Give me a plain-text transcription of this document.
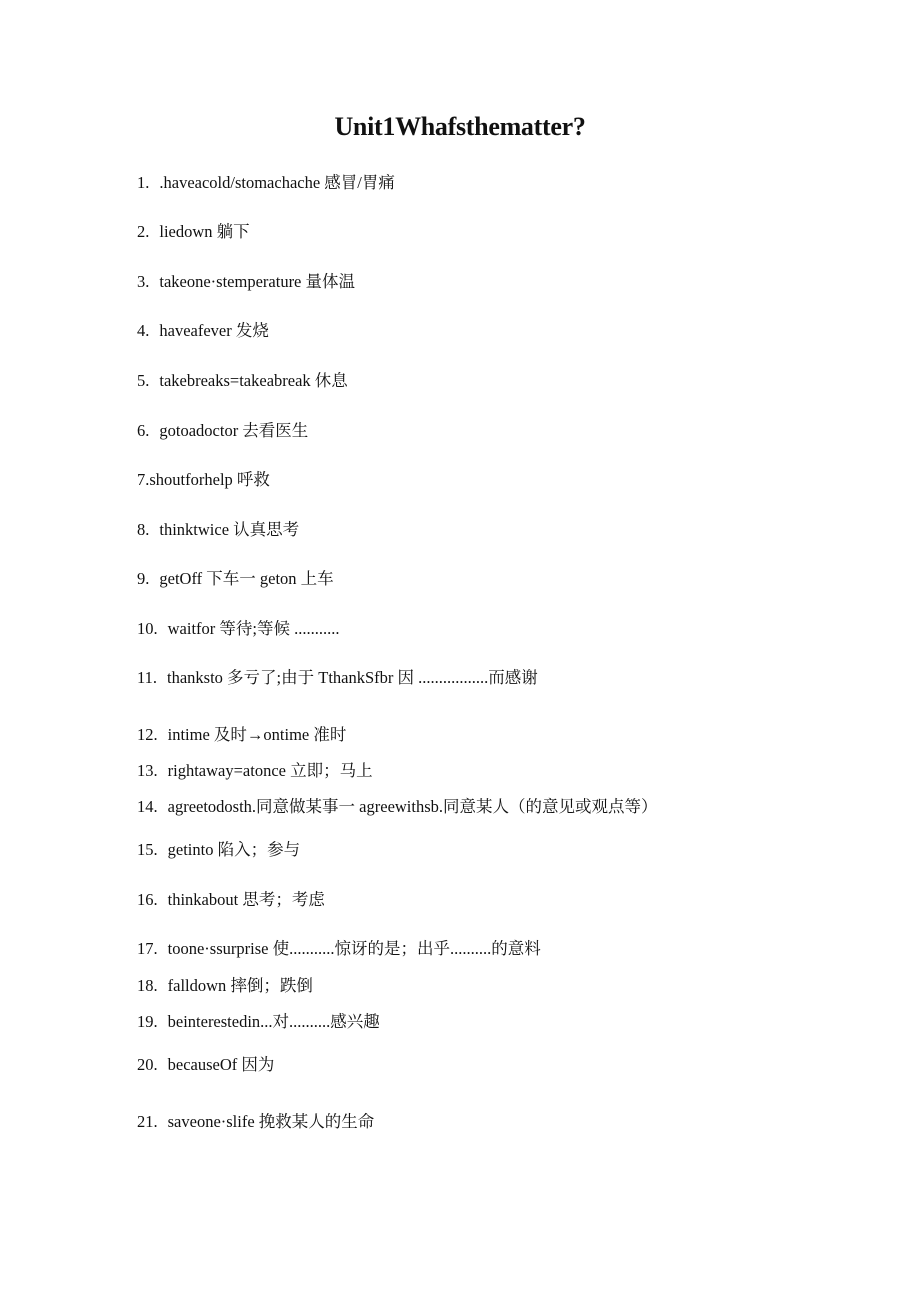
Unit1Whafsthematter?
1. .haveacold/stomachache 感冒/胃痛
2. liedown 躺下
3. takeone·stemperature 量体温
4. haveafever 发烧
5. takebreaks=takeabreak 休息
6. gotoadoctor 去看医生
7.shoutforhelp 呼救
8. thinktwice 认真思考
9. getOff 下车一 geton 上车
10. waitfor 等待;等候 ...........
11. thanksto 多亏了;由于 TthankSfbr 因 .................而感谢
12. intime 及时→ontime 准时
13. rightaway=atonce 立即；马上
14. agreetodosth.同意做某事一 agreewithsb.同意某人（的意见或观点等）
15. getinto 陷入；参与
16. thinkabout 思考；考虑
17. toone·ssurprise 使...........惊讶的是；出乎..........的意料
18. falldown 摔倒；跌倒
19. beinterestedin...对..........感兴趣
20. becauseOf 因为
21. saveone·slife 挽救某人的生命
